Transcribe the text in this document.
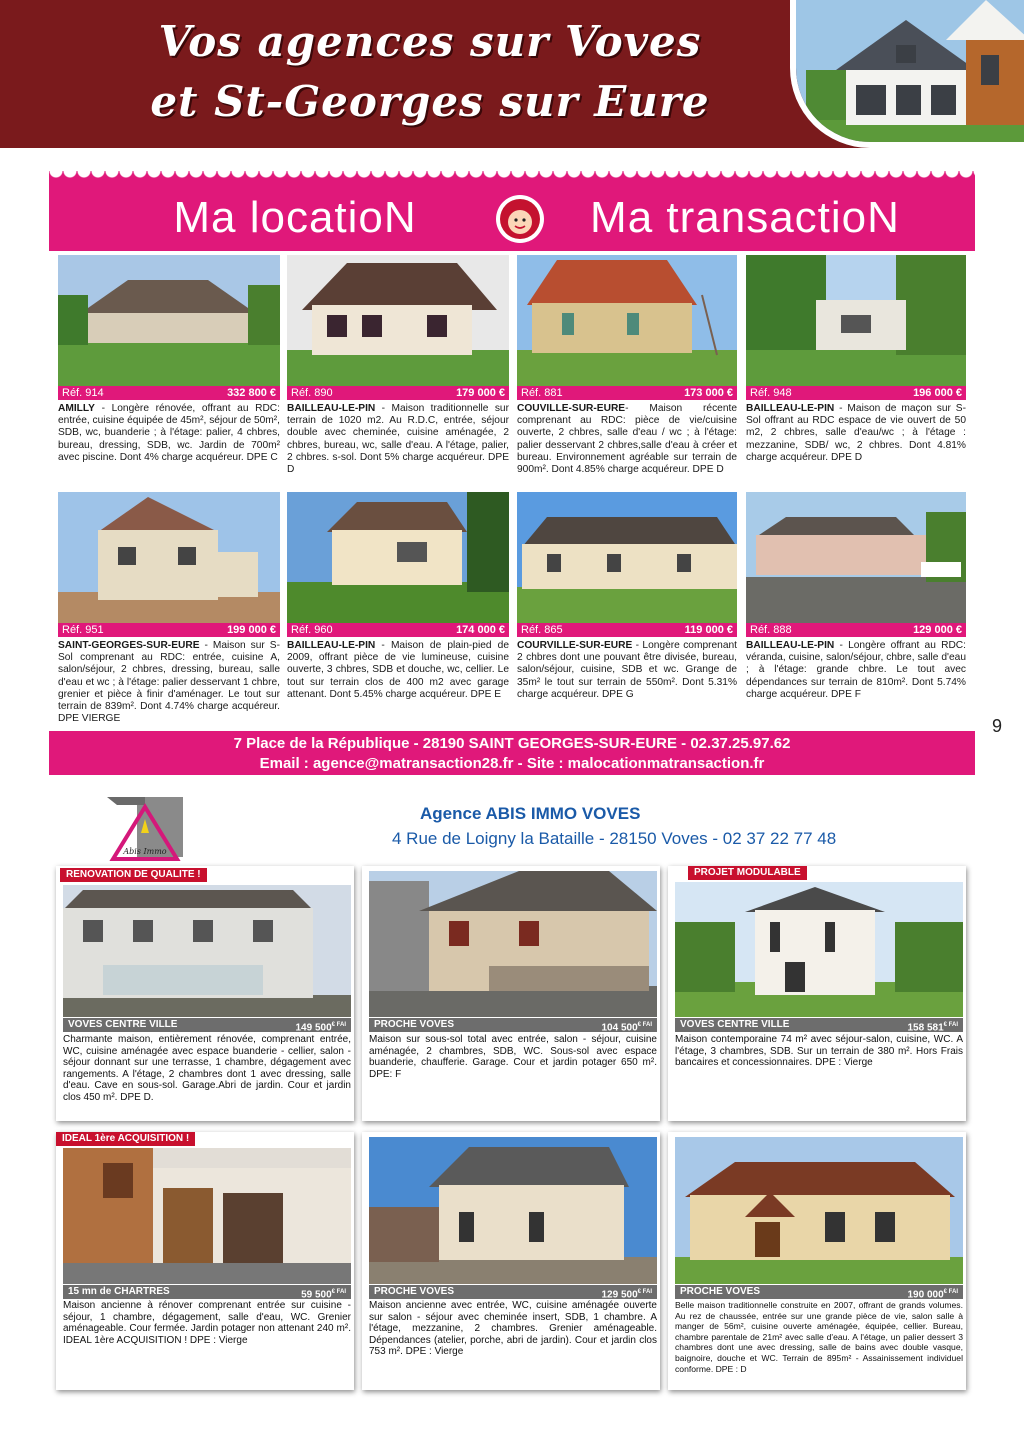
Vos agences sur Voves
et St-Georges sur Eure
Ma locatioN	Ma transactioN
Réf. 914	332 800 €
AMILLY - Longère rénovée, offrant au RDC: entrée, cuisine équipée de 45m², séjour de 50m², SDB, wc, buanderie ; à l'étage: palier, 4 chbres, bureau, dressing, SDB, wc. Jardin de 700m² avec piscine. Dont 4% charge acquéreur. DPE C
Réf. 890	179 000 €
BAILLEAU-LE-PIN - Maison traditionnelle sur terrain de 1020 m2. Au R.D.C, entrée, séjour double avec cheminée, cuisine aménagée, 2 chbres, bureau, wc, salle d'eau. A l'étage, palier, 2 chbres. s-sol. Dont 5% charge acquéreur. DPE D
Réf. 881	173 000 €
COUVILLE-SUR-EURE- Maison récente comprenant au RDC: pièce de vie/cuisine ouverte, 2 chbres, salle d'eau / wc ; à l'étage: palier desservant 2 chbres,salle d'eau à créer et bureau. Environnement agréable sur terrain de 900m². Dont 4.85% charge acquéreur. DPE D
Réf. 948	196 000 €
BAILLEAU-LE-PIN - Maison de maçon sur S-Sol offrant au RDC espace de vie ouvert de 50 m2, 2 chbres, salle d'eau/wc ; à l'étage : mezzanine, SDB/ wc, 2 chbres. Dont 4.81% charge acquéreur. DPE D
Réf. 951	199 000 €
SAINT-GEORGES-SUR-EURE - Maison sur S-Sol comprenant au RDC: entrée, cuisine A, salon/séjour, 2 chbres, dressing, bureau, salle d'eau et wc ; à l'étage: palier desservant 1 chbre, grenier et pièce à finir d'aménager. Le tout sur terrain de 839m². Dont 4.74% charge acquéreur. DPE VIERGE
Réf. 960	174 000 €
BAILLEAU-LE-PIN - Maison de plain-pied de 2009, offrant pièce de vie lumineuse, cuisine ouverte, 3 chbres, SDB et douche, wc, cellier. Le tout sur terrain clos de 400 m2 avec garage attenant. Dont 5.45% charge acquéreur. DPE E
Réf. 865	119 000 €
COURVILLE-SUR-EURE - Longère comprenant 2 chbres dont une pouvant être divisée, bureau, salon/séjour, cuisine, SDB et wc. Grange de 35m² le tout sur terrain de 550m². Dont 5.31% charge acquéreur. DPE G
Réf. 888	129 000 €
BAILLEAU-LE-PIN - Longère offrant au RDC: véranda, cuisine, salon/séjour, chbre, salle d'eau ; à l'étage: grande chbre. Le tout avec dépendances sur terrain de 810m². Dont 5.74% charge acquéreur. DPE F
7 Place de la République - 28190 SAINT GEORGES-SUR-EURE - 02.37.25.97.62
Email : agence@matransaction28.fr - Site : malocationmatransaction.fr
9
Abis Immo
Agence ABIS IMMO VOVES
4 Rue de Loigny la Bataille - 28150 Voves - 02 37 22 77 48
RENOVATION DE QUALITE !
VOVES CENTRE VILLE	149 $500^{€ FAI}$
Charmante maison, entièrement rénovée, comprenant entrée, WC, cuisine aménagée avec espace buanderie - cellier, salon - séjour donnant sur une terrasse, 1 chambre, dégagement avec rangements. A l'étage, 2 chambres dont 1 avec dressing, salle d'eau. Cave en sous-sol. Garage.Abri de jardin. Cour et jardin clos 450 m². DPE D.
PROCHE VOVES	104 $500^{€ FAI}$
Maison sur sous-sol total avec entrée, salon - séjour, cuisine aménagée, 2 chambres, SDB, WC. Sous-sol avec espace buanderie, chaufferie. Garage. Cour et jardin potager 650 m². DPE: F
PROJET MODULABLE
VOVES CENTRE VILLE	158 $581^{€ FAI}$
Maison contemporaine 74 m² avec séjour-salon, cuisine, WC. A l'étage, 3 chambres, SDB. Sur un terrain de 380 m². Hors Frais bancaires et concessionnaires. DPE : Vierge
IDEAL 1ère ACQUISITION !
15 mn de CHARTRES	59 $500^{€ FAI}$
Maison ancienne à rénover comprenant entrée sur cuisine - séjour, 1 chambre, dégagement, salle d'eau, WC. Grenier aménageable. Cour fermée. Jardin potager non attenant 240 m². IDEAL 1ère ACQUISITION ! DPE : Vierge
PROCHE VOVES	129 $500^{€ FAI}$
Maison ancienne avec entrée, WC, cuisine aménagée ouverte sur salon - séjour avec cheminée insert, SDB, 1 chambre. A l'étage, mezzanine, 2 chambres. Grenier aménageable. Dépendances (atelier, porche, abri de jardin). Cour et jardin clos 753 m². DPE : Vierge
PROCHE VOVES	190 $000^{€ FAI}$
Belle maison traditionnelle construite en 2007, offrant de grands volumes. Au rez de chaussée, entrée sur une grande pièce de vie, salon salle à manger de 56m², cuisine ouverte aménagée, équipée, cellier. Bureau, chambre parentale de 21m² avec salle d'eau. A l'étage, un palier dessert 3 chambres dont une avec dressing, salle de bains avec double vasque, baignoire, douche et WC. Terrain de 895m² - Assainissement individuel conforme. DPE : D
